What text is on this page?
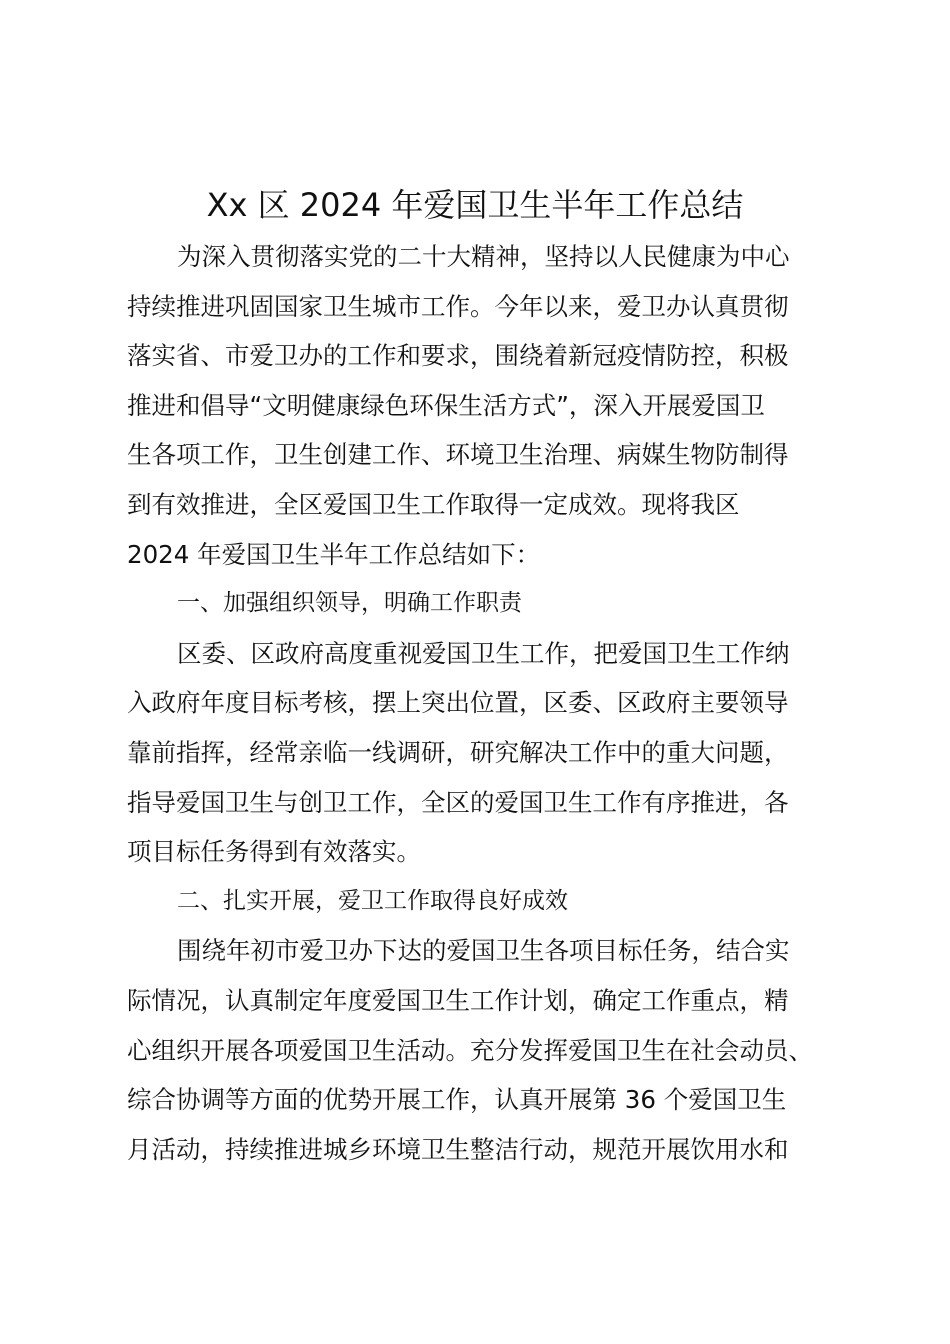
Xx 区 2024 年爱国卫生半年工作总结
为深入贯彻落实党的二十大精神，坚持以人民健康为中心
持续推进巩固国家卫生城市工作。今年以来，爱卫办认真贯彻
落实省、市爱卫办的工作和要求，围绕着新冠疫情防控，积极
推进和倡导“文明健康绿色环保生活方式”，深入开展爱国卫
生各项工作，卫生创建工作、环境卫生治理、病媒生物防制得
到有效推进，全区爱国卫生工作取得一定成效。现将我区
2024 年爱国卫生半年工作总结如下：
一、加强组织领导，明确工作职责
区委、区政府高度重视爱国卫生工作，把爱国卫生工作纳
入政府年度目标考核，摆上突出位置，区委、区政府主要领导
靠前指挥，经常亲临一线调研，研究解决工作中的重大问题，
指导爱国卫生与创卫工作，全区的爱国卫生工作有序推进，各
项目标任务得到有效落实。
二、扎实开展，爱卫工作取得良好成效
围绕年初市爱卫办下达的爱国卫生各项目标任务，结合实
际情况，认真制定年度爱国卫生工作计划，确定工作重点，精
心组织开展各项爱国卫生活动。充分发挥爱国卫生在社会动员、
综合协调等方面的优势开展工作，认真开展第 36 个爱国卫生
月活动，持续推进城乡环境卫生整洁行动，规范开展饮用水和
